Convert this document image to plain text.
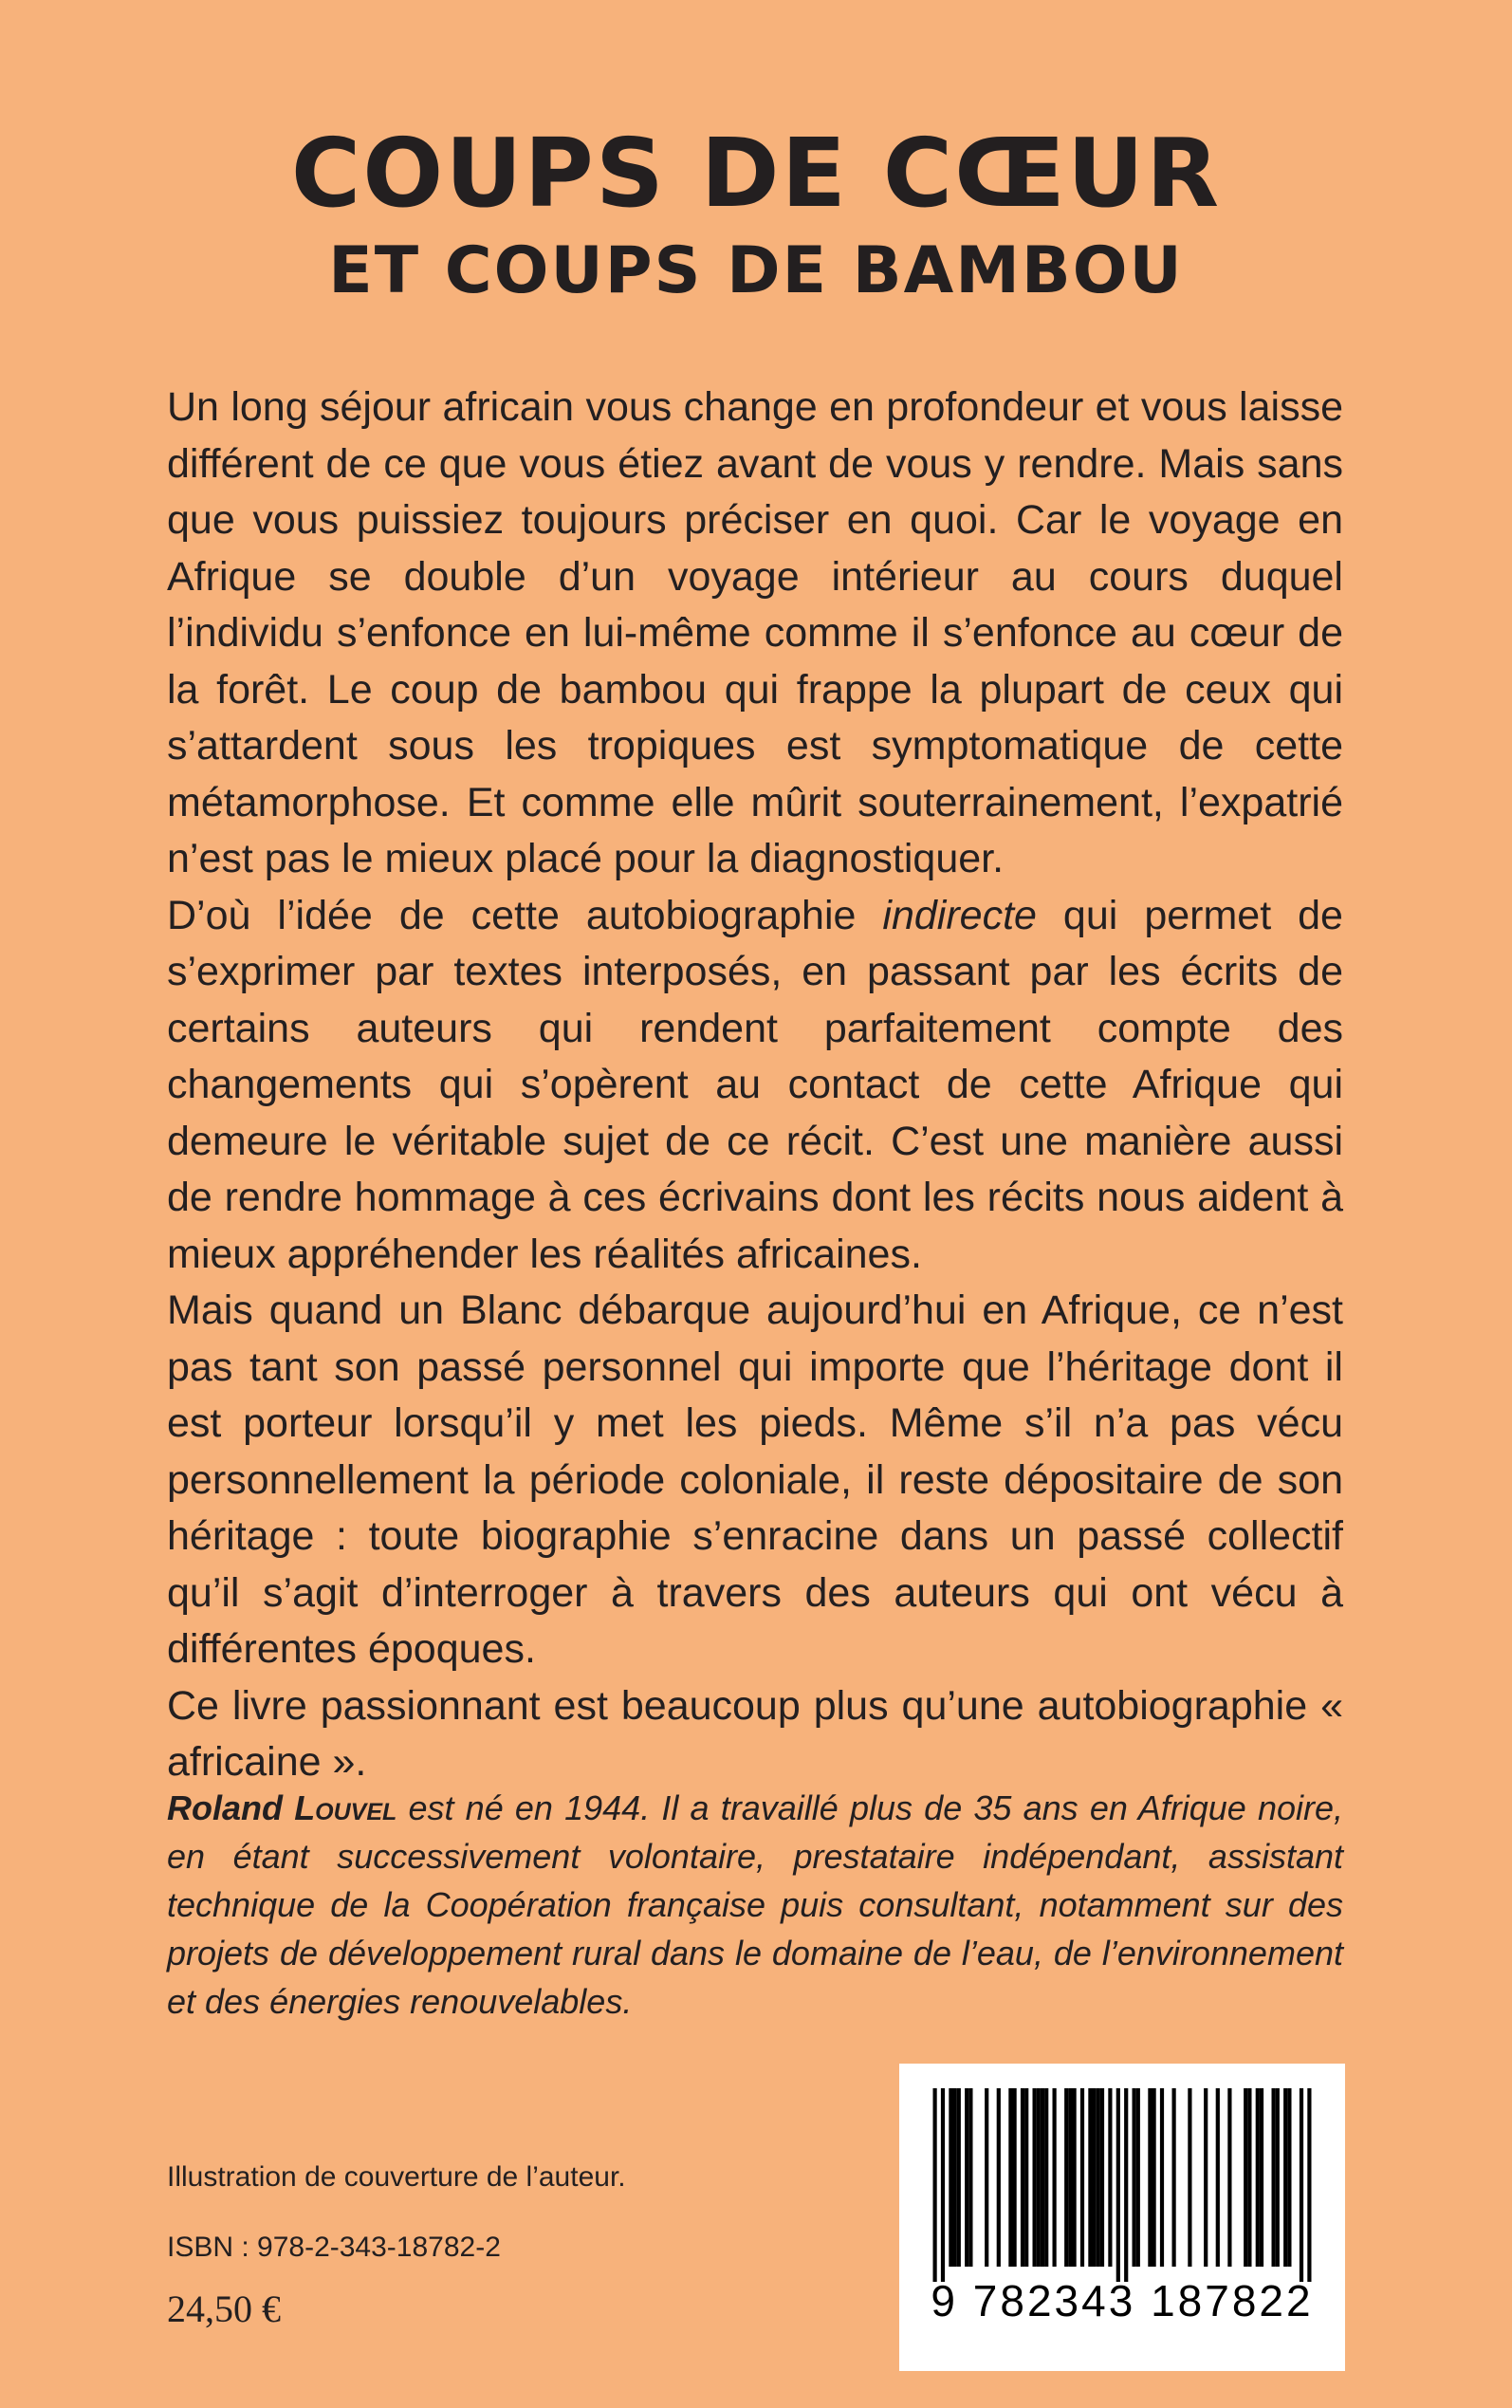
COUPS DE CŒUR
ET COUPS DE BAMBOU

Un long séjour africain vous change en profondeur et vous laisse différent de ce que vous étiez avant de vous y rendre. Mais sans que vous puissiez toujours préciser en quoi. Car le voyage en Afrique se double d’un voyage intérieur au cours duquel l’individu s’enfonce en lui-même comme il s’enfonce au cœur de la forêt. Le coup de bambou qui frappe la plupart de ceux qui s’attardent sous les tropiques est symptomatique de cette métamorphose. Et comme elle mûrit souterrainement, l’expatrié n’est pas le mieux placé pour la diagnostiquer.

D’où l’idée de cette autobiographie indirecte qui permet de s’exprimer par textes interposés, en passant par les écrits de certains auteurs qui rendent parfaitement compte des changements qui s’opèrent au contact de cette Afrique qui demeure le véritable sujet de ce récit. C’est une manière aussi de rendre hommage à ces écrivains dont les récits nous aident à mieux appréhender les réalités africaines.

Mais quand un Blanc débarque aujourd’hui en Afrique, ce n’est pas tant son passé personnel qui importe que l’héritage dont il est porteur lorsqu’il y met les pieds. Même s’il n’a pas vécu personnellement la période coloniale, il reste dépositaire de son héritage : toute biographie s’enracine dans un passé collectif qu’il s’agit d’interroger à travers des auteurs qui ont vécu à différentes époques.

Ce livre passionnant est beaucoup plus qu’une autobiographie « africaine ».

Roland Louvel est né en 1944. Il a travaillé plus de 35 ans en Afrique noire, en étant successivement volontaire, prestataire indépendant, assistant technique de la Coopération française puis consultant, notamment sur des projets de développement rural dans le domaine de l’eau, de l’environnement et des énergies renouvelables.

Illustration de couverture de l’auteur.
ISBN : 978-2-343-18782-2
24,50 €	9 782343 187822
